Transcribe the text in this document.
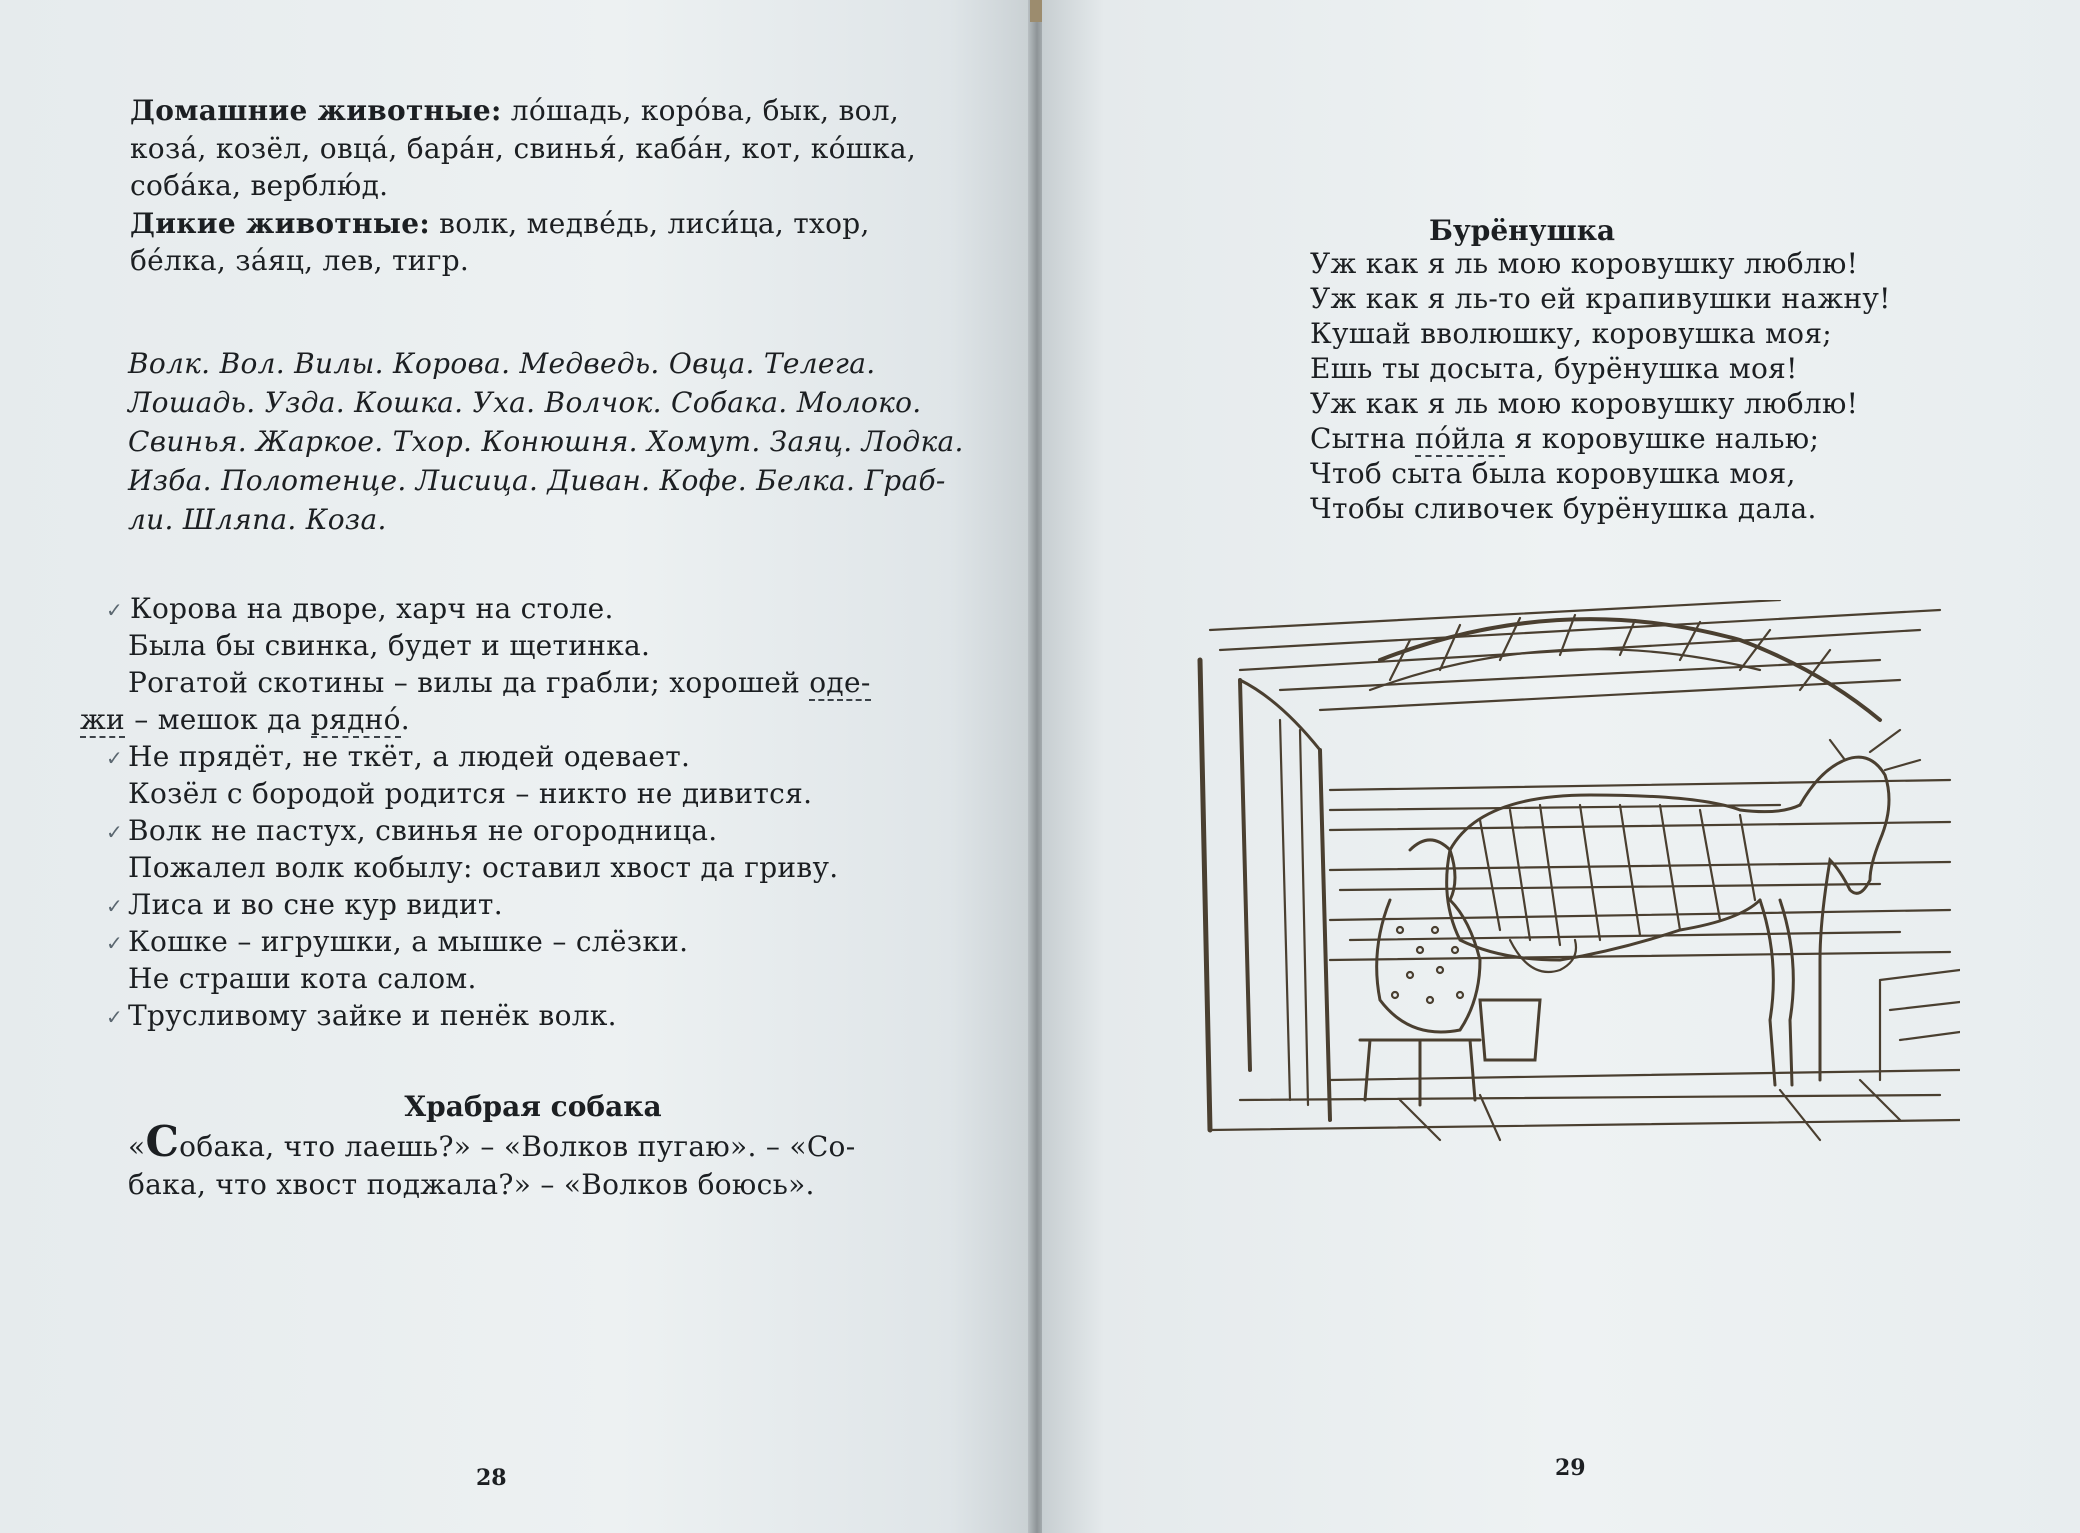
Домашние животные: ло́шадь, коро́ва, бык, вол,
коза́, козёл, овца́, бара́н, свинья́, каба́н, кот, ко́шка,
соба́ка, верблю́д.
Дикие животные: волк, медве́дь, лиси́ца, тхор,
бе́лка, за́яц, лев, тигр.
Волк. Вол. Вилы. Корова. Медведь. Овца. Телега.
Лошадь. Узда. Кошка. Уха. Волчок. Собака. Молоко.
Свинья. Жаркое. Тхор. Конюшня. Хомут. Заяц. Лодка.
Изба. Полотенце. Лисица. Диван. Кофе. Белка. Граб-
ли. Шляпа. Коза.
✓ Корова на дворе, харч на столе.
Была бы свинка, будет и щетинка.
Рогатой скотины – вилы да грабли; хорошей оде-
жи – мешок да рядно́.
✓ Не прядёт, не ткёт, а людей одевает.
Козёл с бородой родится – никто не дивится.
✓ Волк не пастух, свинья не огородница.
Пожалел волк кобылу: оставил хвост да гриву.
✓ Лиса и во сне кур видит.
✓ Кошке – игрушки, а мышке – слёзки.
Не страши кота салом.
✓ Трусливому зайке и пенёк волк.
Храбрая собака
«Собака, что лаешь?» – «Волков пугаю». – «Со-
бака, что хвост поджала?» – «Волков боюсь».
28
Бурёнушка
Уж как я ль мою коровушку люблю!
Уж как я ль-то ей крапивушки нажну!
Кушай вволюшку, коровушка моя;
Ешь ты досыта, бурёнушка моя!
Уж как я ль мою коровушку люблю!
Сытна по́йла я коровушке налью;
Чтоб сыта была коровушка моя,
Чтобы сливочек бурёнушка дала.
29
